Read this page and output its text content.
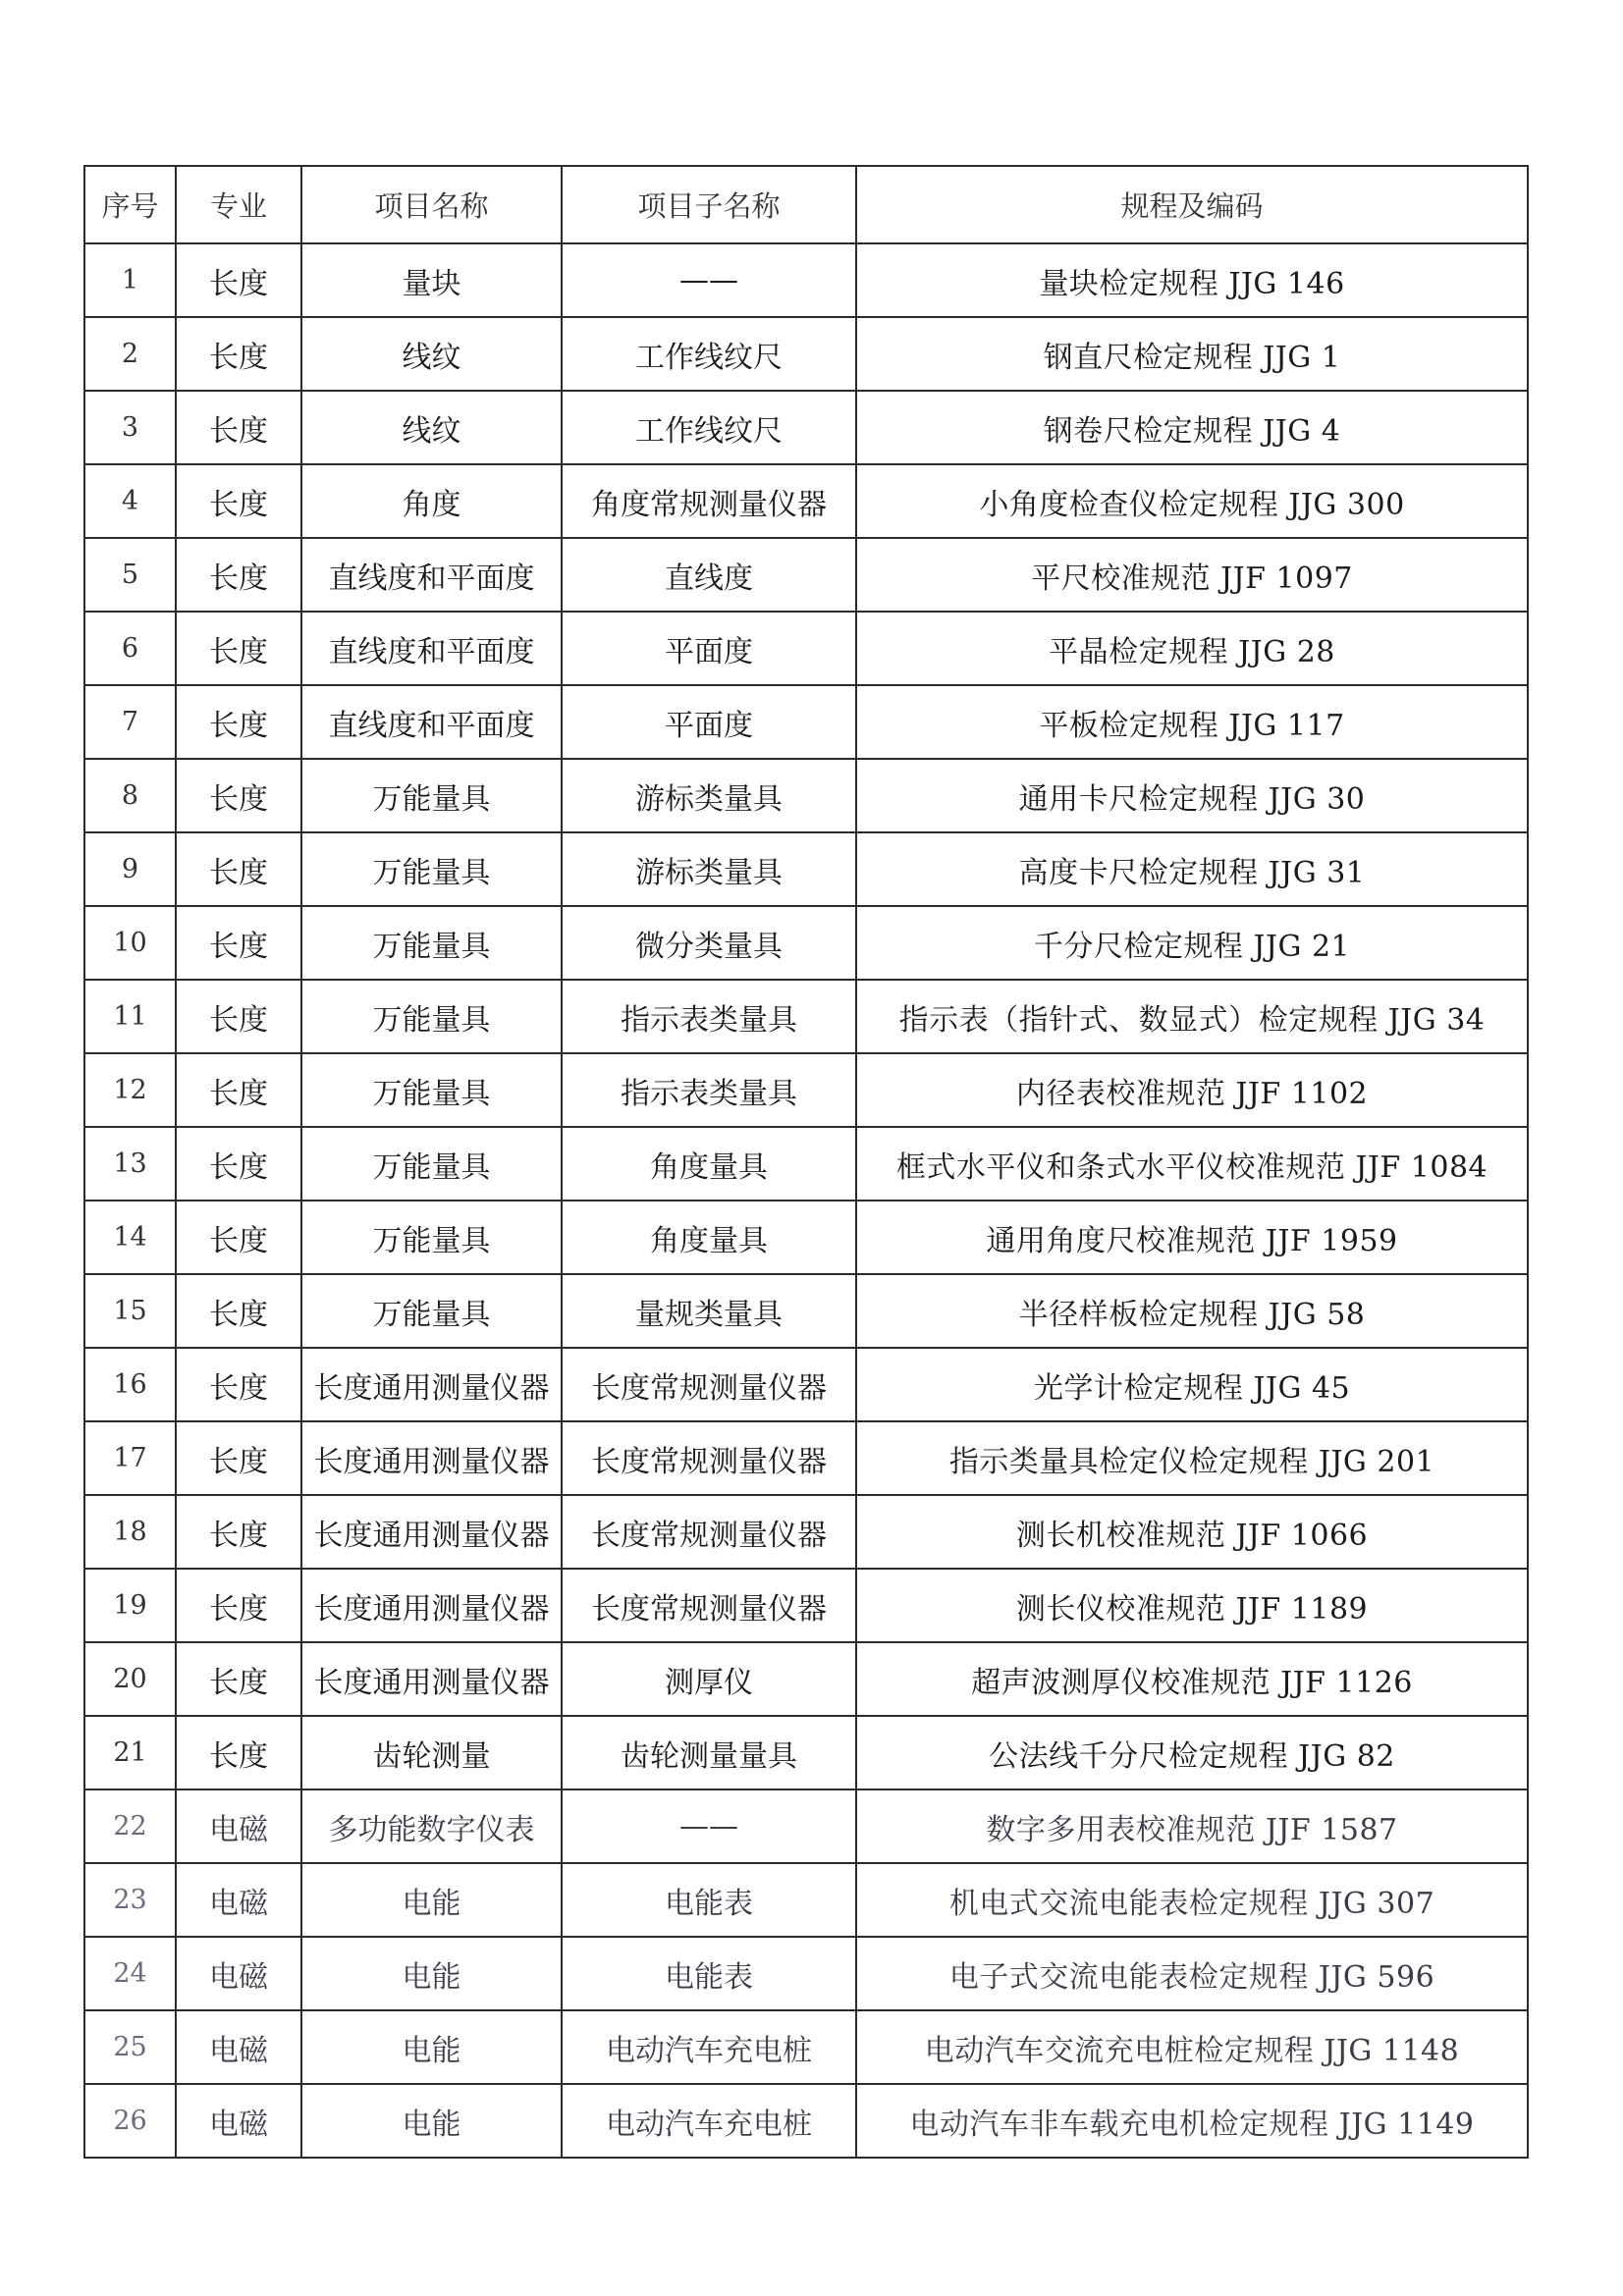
序号	专业	项目名称	项目子名称	规程及编码
1	长度	量块	——	量块检定规程 JJG 146
2	长度	线纹	工作线纹尺	钢直尺检定规程 JJG 1
3	长度	线纹	工作线纹尺	钢卷尺检定规程 JJG 4
4	长度	角度	角度常规测量仪器	小角度检查仪检定规程 JJG 300
5	长度	直线度和平面度	直线度	平尺校准规范 JJF 1097
6	长度	直线度和平面度	平面度	平晶检定规程 JJG 28
7	长度	直线度和平面度	平面度	平板检定规程 JJG 117
8	长度	万能量具	游标类量具	通用卡尺检定规程 JJG 30
9	长度	万能量具	游标类量具	高度卡尺检定规程 JJG 31
10	长度	万能量具	微分类量具	千分尺检定规程 JJG 21
11	长度	万能量具	指示表类量具	指示表（指针式、数显式）检定规程 JJG 34
12	长度	万能量具	指示表类量具	内径表校准规范 JJF 1102
13	长度	万能量具	角度量具	框式水平仪和条式水平仪校准规范 JJF 1084
14	长度	万能量具	角度量具	通用角度尺校准规范 JJF 1959
15	长度	万能量具	量规类量具	半径样板检定规程 JJG 58
16	长度	长度通用测量仪器	长度常规测量仪器	光学计检定规程 JJG 45
17	长度	长度通用测量仪器	长度常规测量仪器	指示类量具检定仪检定规程 JJG 201
18	长度	长度通用测量仪器	长度常规测量仪器	测长机校准规范 JJF 1066
19	长度	长度通用测量仪器	长度常规测量仪器	测长仪校准规范 JJF 1189
20	长度	长度通用测量仪器	测厚仪	超声波测厚仪校准规范 JJF 1126
21	长度	齿轮测量	齿轮测量量具	公法线千分尺检定规程 JJG 82
22	电磁	多功能数字仪表	——	数字多用表校准规范 JJF 1587
23	电磁	电能	电能表	机电式交流电能表检定规程 JJG 307
24	电磁	电能	电能表	电子式交流电能表检定规程 JJG 596
25	电磁	电能	电动汽车充电桩	电动汽车交流充电桩检定规程 JJG 1148
26	电磁	电能	电动汽车充电桩	电动汽车非车载充电机检定规程 JJG 1149
